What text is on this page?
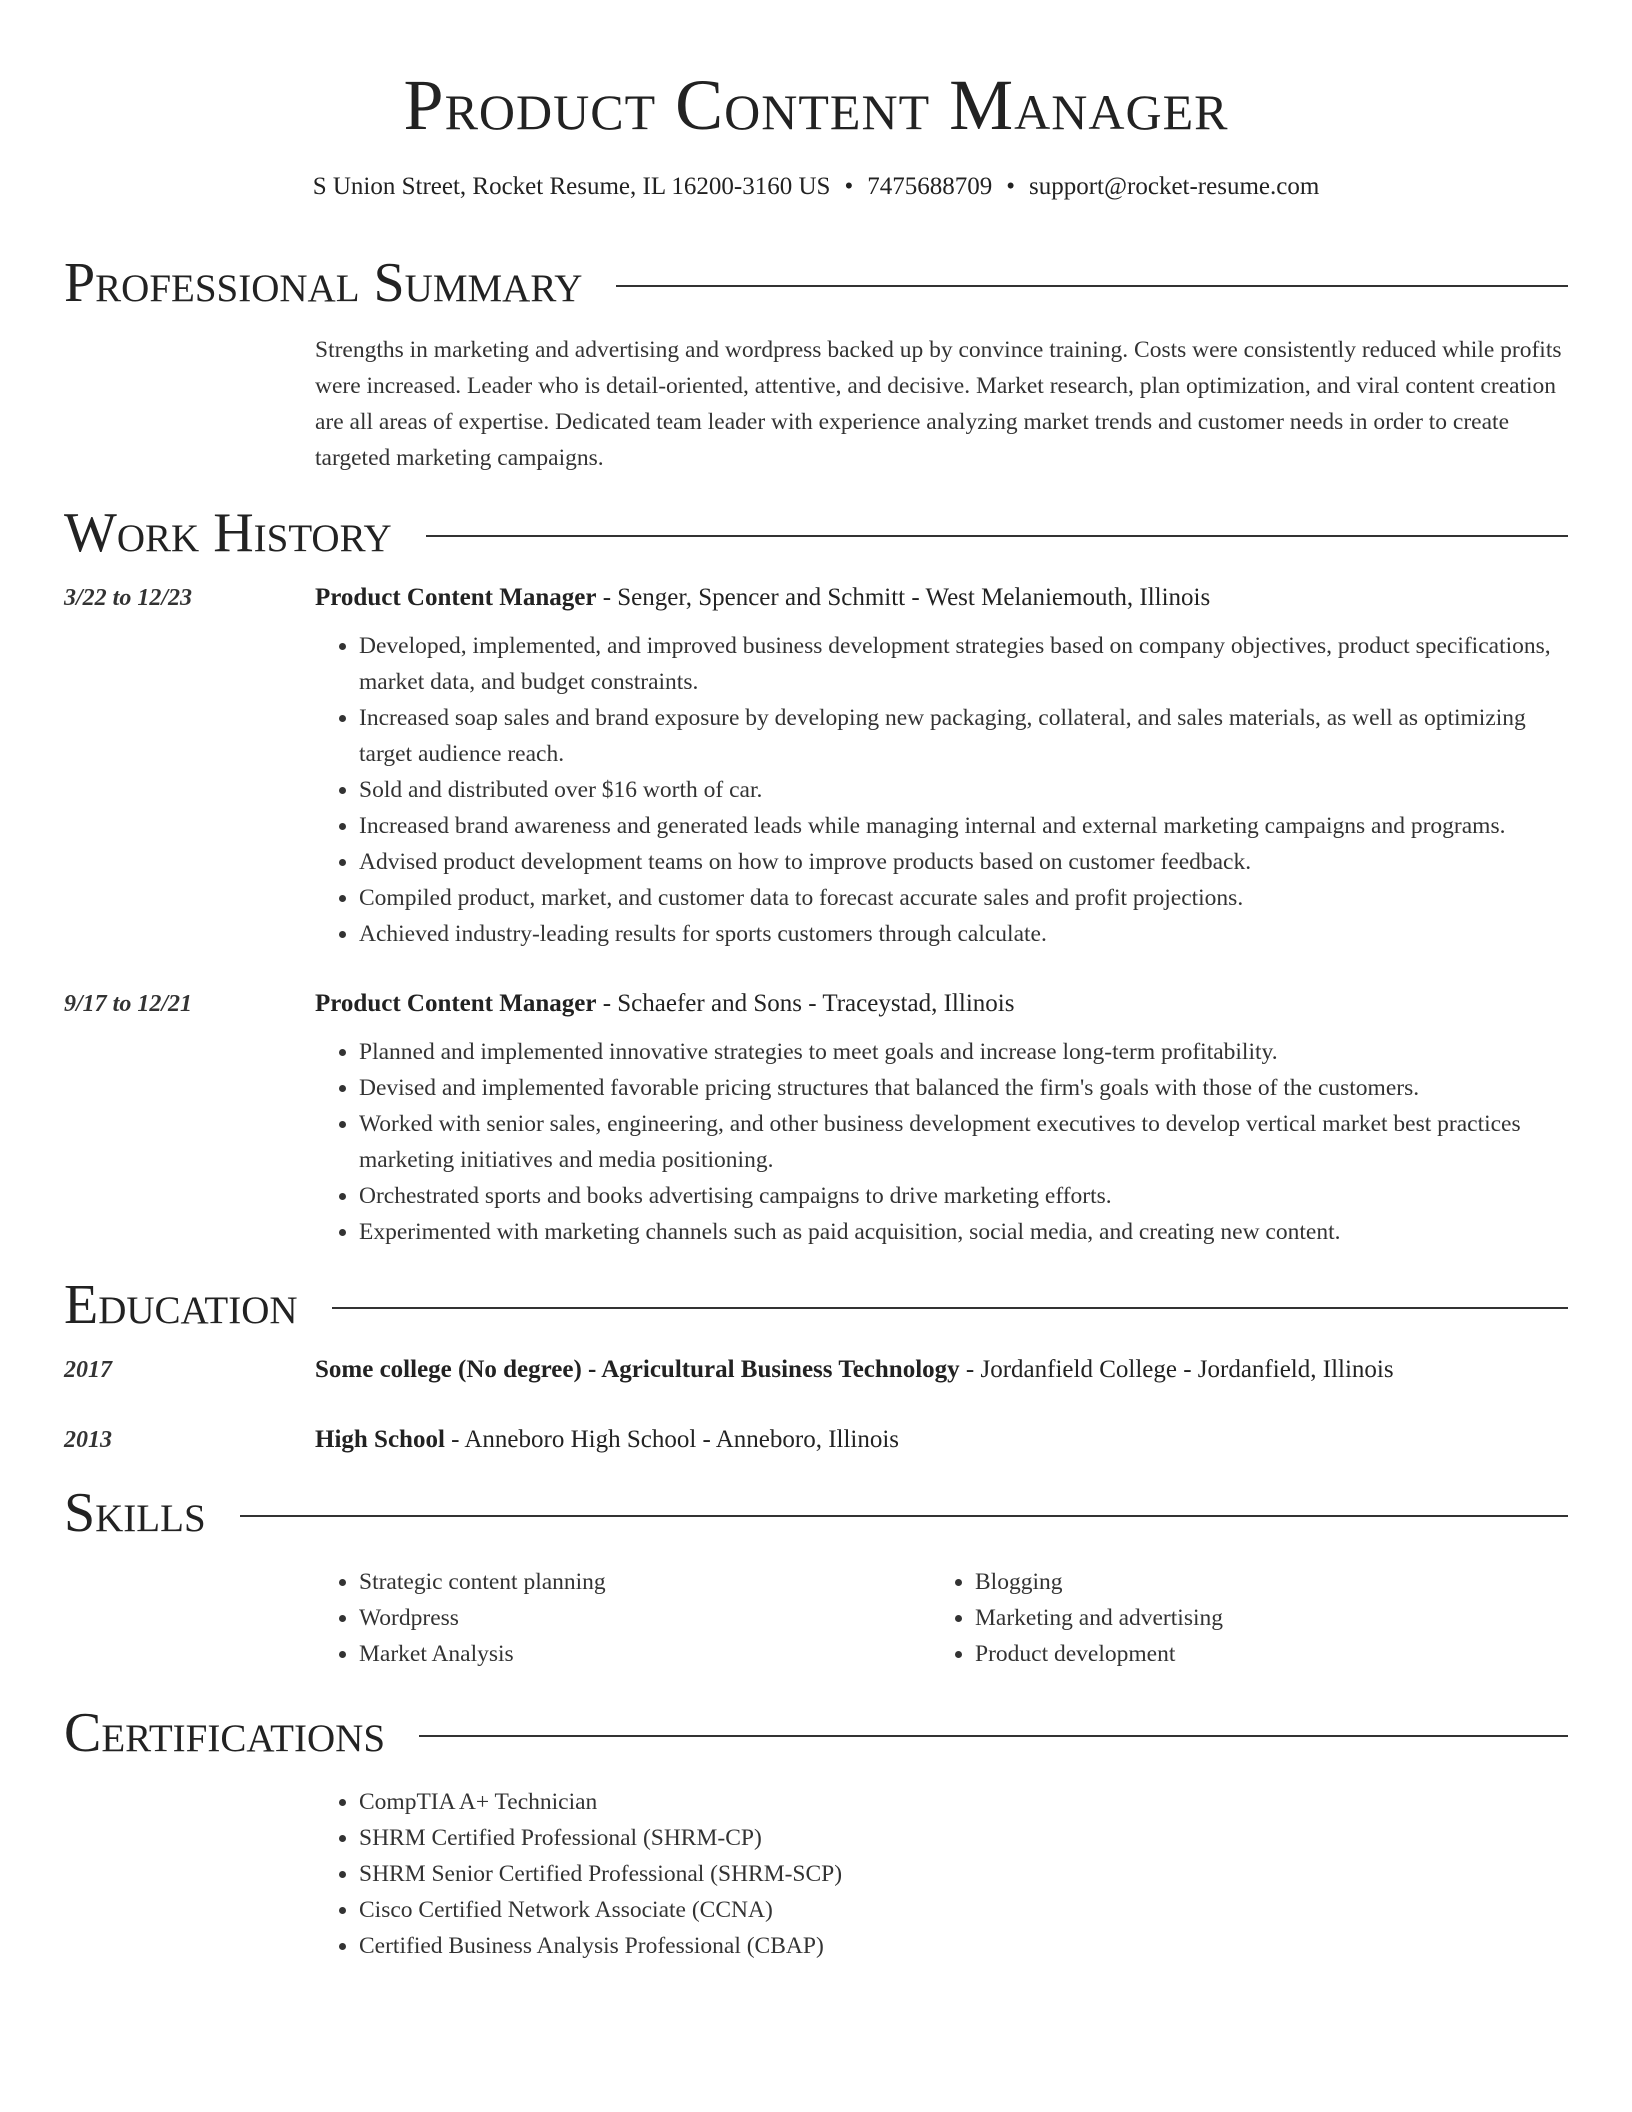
Product Content Manager
S Union Street, Rocket Resume, IL 16200-3160 US • 7475688709 • support@rocket-resume.com
Professional Summary
Strengths in marketing and advertising and wordpress backed up by convince training. Costs were consistently reduced while profits were increased. Leader who is detail-oriented, attentive, and decisive. Market research, plan optimization, and viral content creation are all areas of expertise. Dedicated team leader with experience analyzing market trends and customer needs in order to create targeted marketing campaigns.
Work History
3/22 to 12/23	Product Content Manager - Senger, Spencer and Schmitt - West Melaniemouth, Illinois
• Developed, implemented, and improved business development strategies based on company objectives, product specifications, market data, and budget constraints.
• Increased soap sales and brand exposure by developing new packaging, collateral, and sales materials, as well as optimizing target audience reach.
• Sold and distributed over $16 worth of car.
• Increased brand awareness and generated leads while managing internal and external marketing campaigns and programs.
• Advised product development teams on how to improve products based on customer feedback.
• Compiled product, market, and customer data to forecast accurate sales and profit projections.
• Achieved industry-leading results for sports customers through calculate.
9/17 to 12/21	Product Content Manager - Schaefer and Sons - Traceystad, Illinois
• Planned and implemented innovative strategies to meet goals and increase long-term profitability.
• Devised and implemented favorable pricing structures that balanced the firm's goals with those of the customers.
• Worked with senior sales, engineering, and other business development executives to develop vertical market best practices marketing initiatives and media positioning.
• Orchestrated sports and books advertising campaigns to drive marketing efforts.
• Experimented with marketing channels such as paid acquisition, social media, and creating new content.
Education
2017	Some college (No degree) - Agricultural Business Technology - Jordanfield College - Jordanfield, Illinois
2013	High School - Anneboro High School - Anneboro, Illinois
Skills
• Strategic content planning
• Wordpress
• Market Analysis
• Blogging
• Marketing and advertising
• Product development
Certifications
• CompTIA A+ Technician
• SHRM Certified Professional (SHRM-CP)
• SHRM Senior Certified Professional (SHRM-SCP)
• Cisco Certified Network Associate (CCNA)
• Certified Business Analysis Professional (CBAP)
